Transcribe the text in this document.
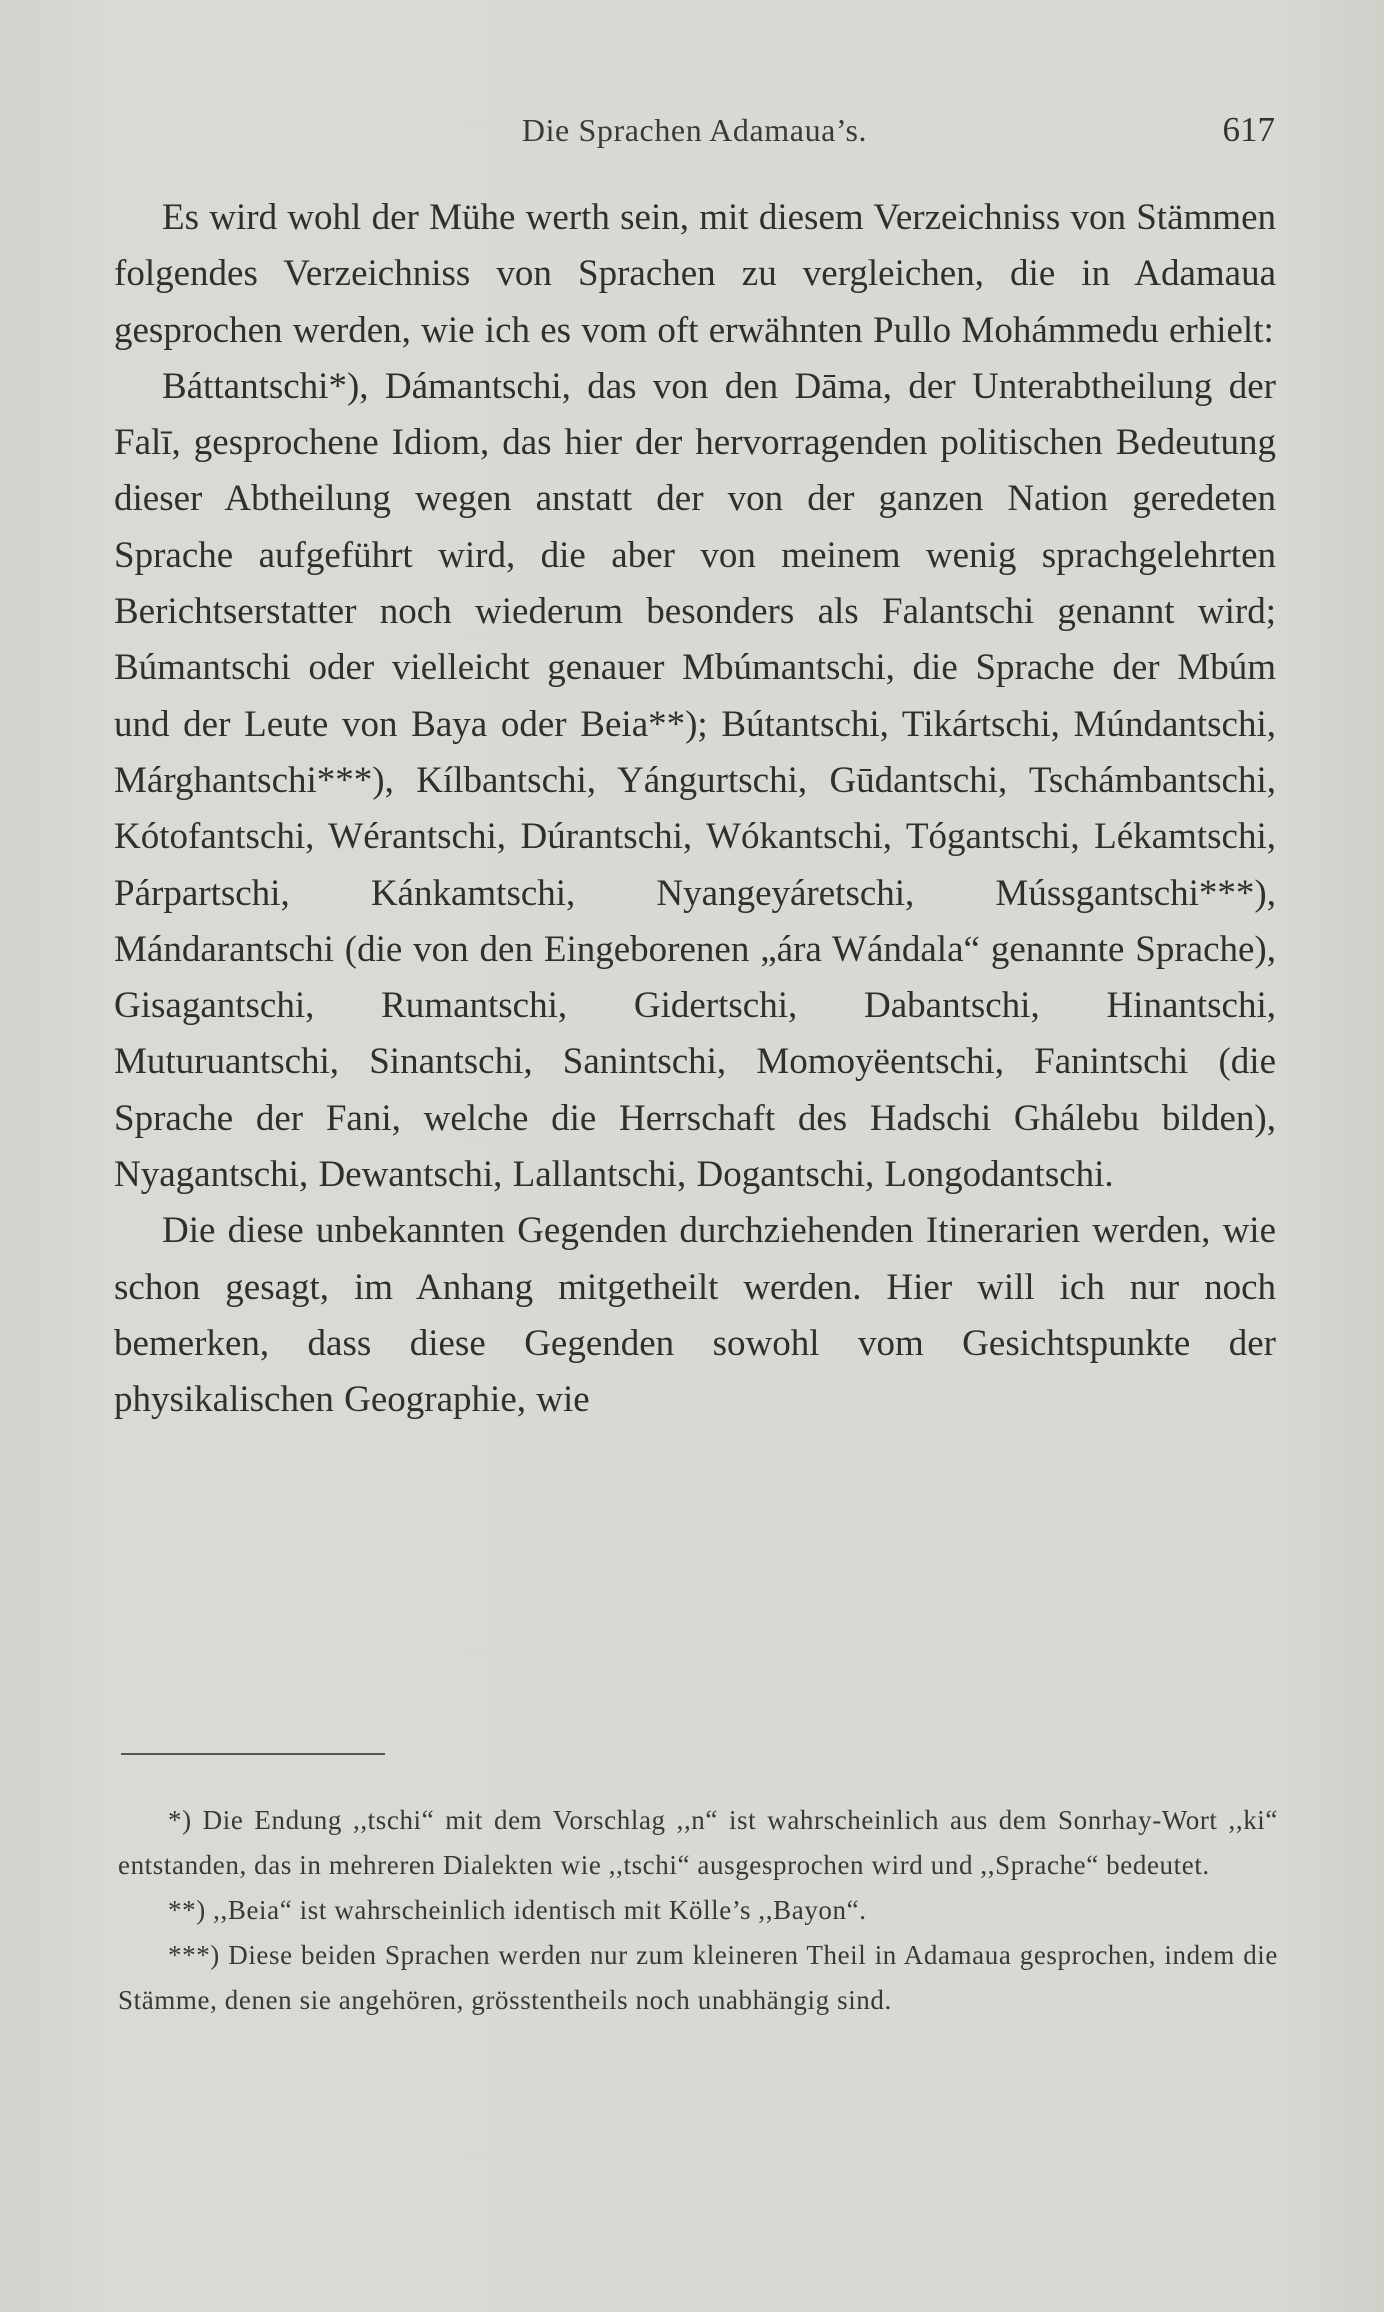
Die Sprachen Adamaua’s.	617

Es wird wohl der Mühe werth sein, mit diesem Verzeichniss von Stämmen folgendes Verzeichniss von Sprachen zu vergleichen, die in Adamaua gesprochen werden, wie ich es vom oft erwähnten Pullo Mohámmedu erhielt:

Báttantschi*), Dámantschi, das von den Dāma, der Unterabtheilung der Falī, gesprochene Idiom, das hier der hervorragenden politischen Bedeutung dieser Abtheilung wegen anstatt der von der ganzen Nation geredeten Sprache aufgeführt wird, die aber von meinem wenig sprachgelehrten Berichtserstatter noch wiederum besonders als Falantschi genannt wird; Búmantschi oder vielleicht genauer Mbúmantschi, die Sprache der Mbúm und der Leute von Baya oder Beia**); Bútantschi, Tikártschi, Múndantschi, Márghantschi***), Kílbantschi, Yángurtschi, Gūdantschi, Tschámbantschi, Kótofantschi, Wérantschi, Dúrantschi, Wókantschi, Tógantschi, Lékamtschi, Párpartschi, Kánkamtschi, Nyangeyáretschi, Mússgantschi***), Mándarantschi (die von den Eingeborenen „ára Wándala“ genannte Sprache), Gisagantschi, Rumantschi, Gidertschi, Dabantschi, Hinantschi, Muturuantschi, Sinantschi, Sanintschi, Momoyëentschi, Fanintschi (die Sprache der Fani, welche die Herrschaft des Hadschi Ghálebu bilden), Nyagantschi, Dewantschi, Lallantschi, Dogantschi, Longodantschi.

Die diese unbekannten Gegenden durchziehenden Itinerarien werden, wie schon gesagt, im Anhang mitgetheilt werden. Hier will ich nur noch bemerken, dass diese Gegenden sowohl vom Gesichtspunkte der physikalischen Geographie, wie

*) Die Endung ,,tschi“ mit dem Vorschlag ,,n“ ist wahrscheinlich aus dem Sonrhay-Wort ,,ki“ entstanden, das in mehreren Dialekten wie ,,tschi“ ausgesprochen wird und ,,Sprache“ bedeutet.

**) ,,Beia“ ist wahrscheinlich identisch mit Kölle’s ,,Bayon“.

***) Diese beiden Sprachen werden nur zum kleineren Theil in Adamaua gesprochen, indem die Stämme, denen sie angehören, grösstentheils noch unabhängig sind.
